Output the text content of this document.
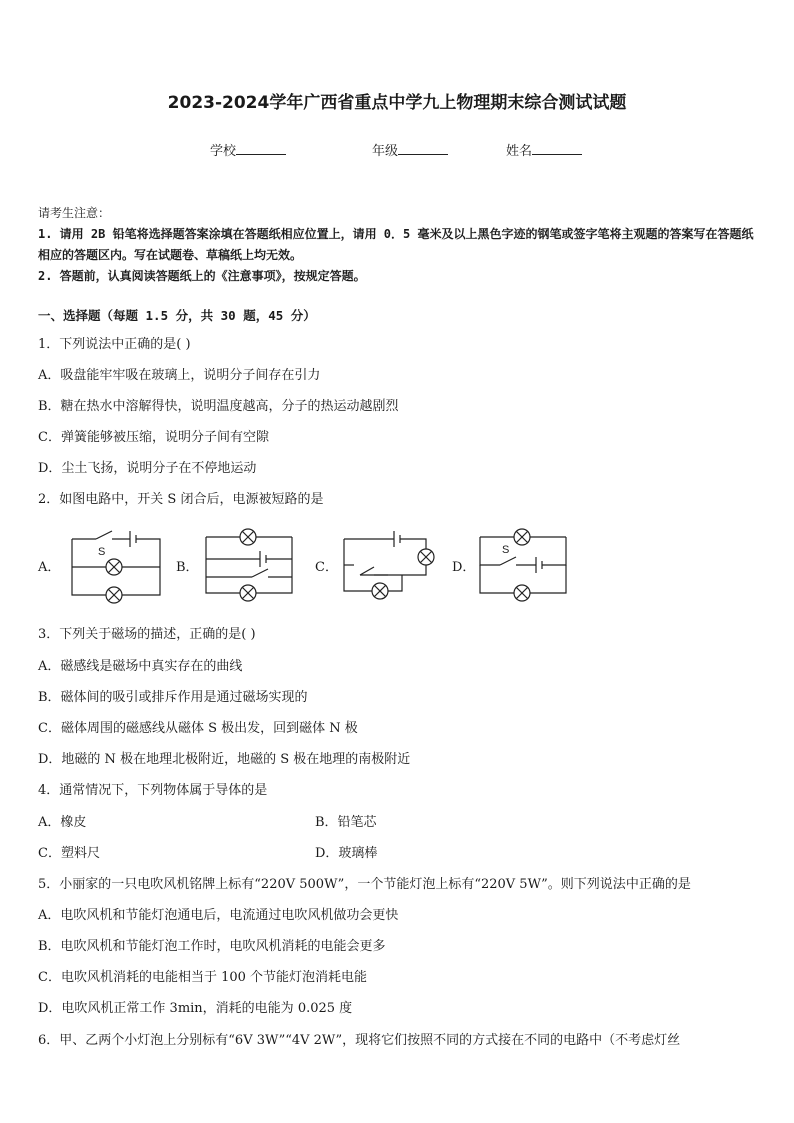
2023-2024学年广西省重点中学九上物理期末综合测试试题
学校	年级	姓名
请考生注意：
1. 请用 2B 铅笔将选择题答案涂填在答题纸相应位置上，请用 0．5 毫米及以上黑色字迹的钢笔或签字笔将主观题的答案写在答题纸相应的答题区内。写在试题卷、草稿纸上均无效。
2. 答题前，认真阅读答题纸上的《注意事项》，按规定答题。
一、选择题（每题 1.5 分，共 30 题，45 分）
1．下列说法中正确的是( )
A．吸盘能牢牢吸在玻璃上，说明分子间存在引力
B．糖在热水中溶解得快，说明温度越高，分子的热运动越剧烈
C．弹簧能够被压缩，说明分子间有空隙
D．尘土飞扬，说明分子在不停地运动
2．如图电路中，开关 S 闭合后，电源被短路的是
A．
S
B．	C．	D．
S
3．下列关于磁场的描述，正确的是( )
A．磁感线是磁场中真实存在的曲线
B．磁体间的吸引或排斥作用是通过磁场实现的
C．磁体周围的磁感线从磁体 S 极出发，回到磁体 N 极
D．地磁的 N 极在地理北极附近，地磁的 S 极在地理的南极附近
4．通常情况下，下列物体属于导体的是
A．橡皮	B．铅笔芯
C．塑料尺	D．玻璃棒
5．小丽家的一只电吹风机铭牌上标有“220V 500W”，一个节能灯泡上标有“220V 5W”。则下列说法中正确的是
A．电吹风机和节能灯泡通电后，电流通过电吹风机做功会更快
B．电吹风机和节能灯泡工作时，电吹风机消耗的电能会更多
C．电吹风机消耗的电能相当于 100 个节能灯泡消耗电能
D．电吹风机正常工作 3min，消耗的电能为 0.025 度
6．甲、乙两个小灯泡上分别标有“6V 3W”“4V 2W”，现将它们按照不同的方式接在不同的电路中（不考虑灯丝
